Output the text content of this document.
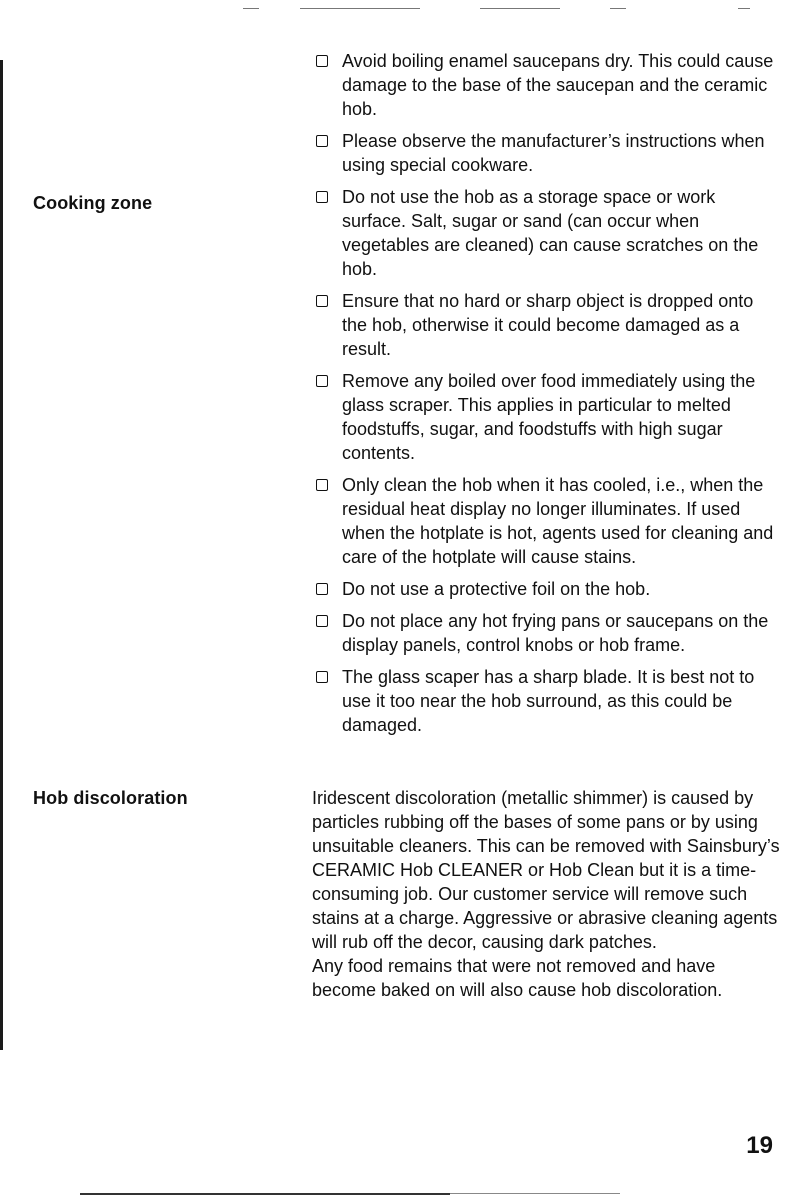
Cooking zone
Hob discoloration
Avoid boiling enamel saucepans dry. This could cause damage to the base of the saucepan and the ceramic hob.
Please observe the manufacturer’s instructions when using special cookware.
Do not use the hob as a storage space or work surface. Salt, sugar or sand (can occur when vegetables are cleaned) can cause scratches on the hob.
Ensure that no hard or sharp object is dropped onto the hob, otherwise it could become damaged as a result.
Remove any boiled over food immediately using the glass scraper. This applies in particular to melted foodstuffs, sugar, and foodstuffs with high sugar contents.
Only clean the hob when it has cooled, i.e., when the residual heat display no longer illuminates. If used when the hotplate is hot, agents used for cleaning and care of the hotplate will cause stains.
Do not use a protective foil on the hob.
Do not place any hot frying pans or saucepans on the display panels, control knobs or hob frame.
The glass scaper has a sharp blade. It is best not to use it too near the hob surround, as this could be damaged.

Iridescent discoloration (metallic shimmer) is caused by particles rubbing off the bases of some pans or by using unsuitable cleaners. This can be removed with Sainsbury’s CERAMIC Hob CLEANER or Hob Clean but it is a time-consuming job. Our customer service will remove such stains at a charge. Aggressive or abrasive cleaning agents will rub off the decor, causing dark patches.

Any food remains that were not removed and have become baked on will also cause hob discoloration.

19
